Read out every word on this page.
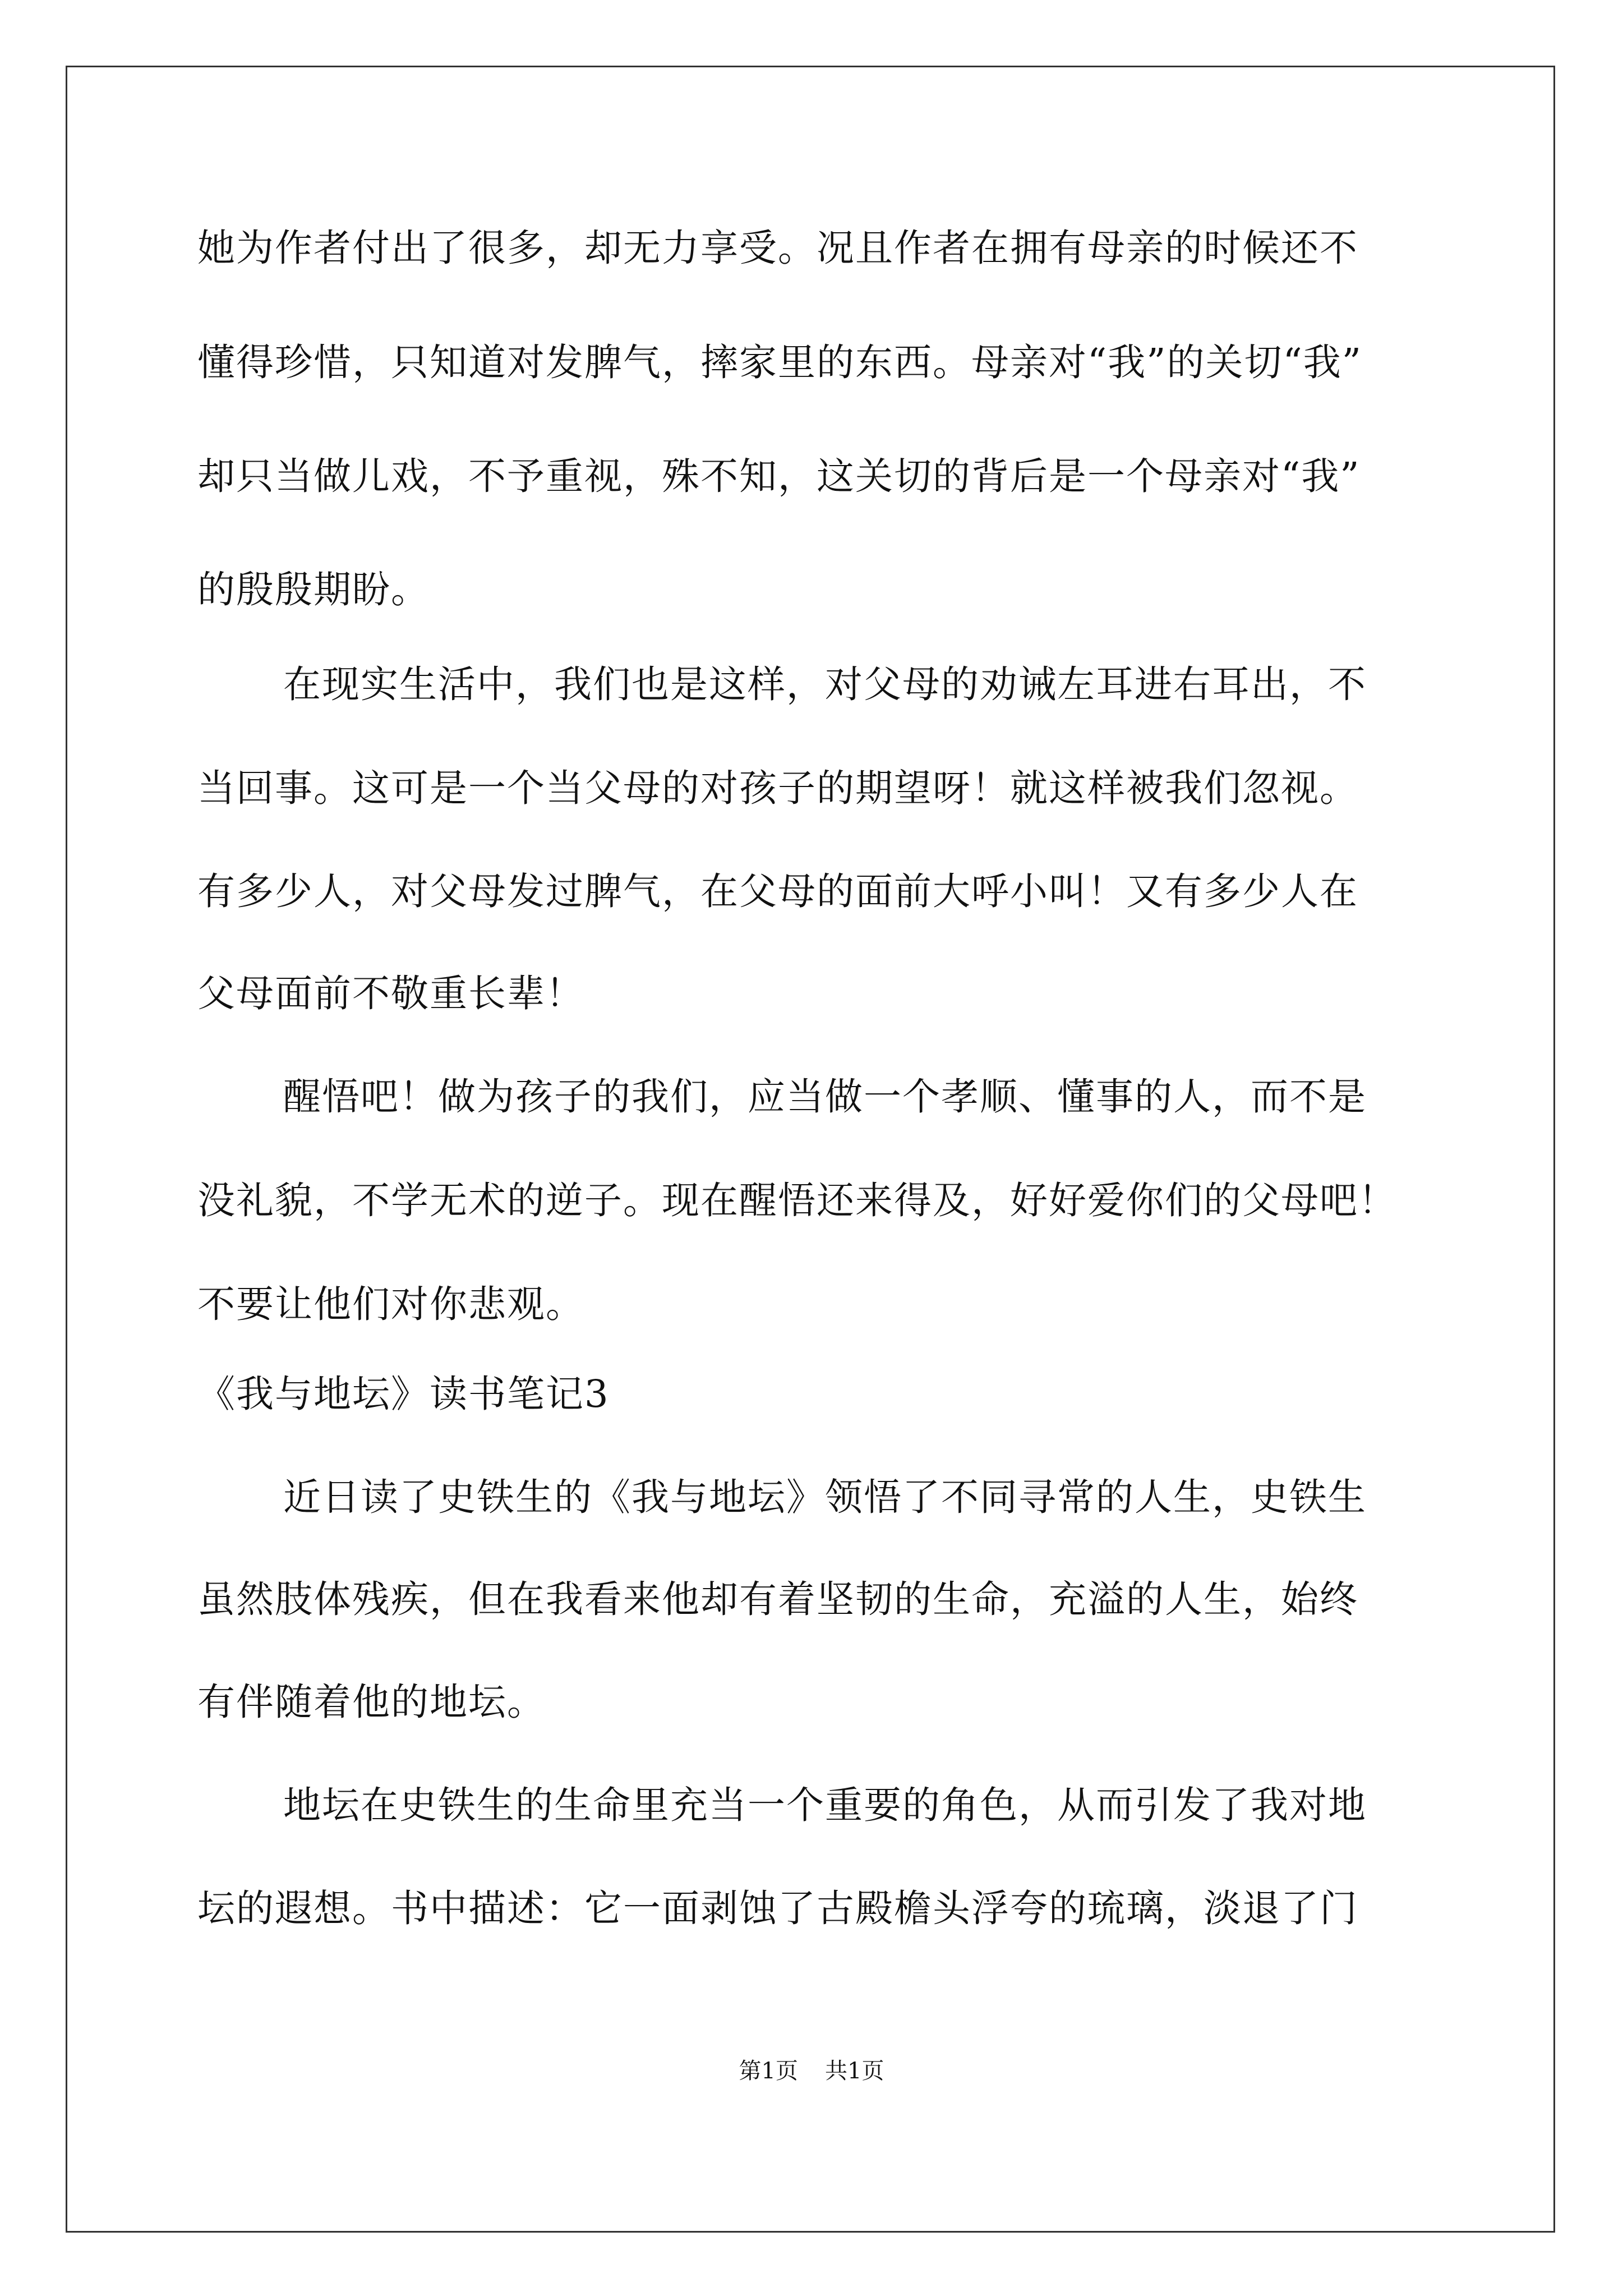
她为作者付出了很多，却无力享受。况且作者在拥有母亲的时候还不

懂得珍惜，只知道对发脾气，摔家里的东西。母亲对“我”的关切“我”

却只当做儿戏，不予重视，殊不知，这关切的背后是一个母亲对“我”

的殷殷期盼。

在现实生活中，我们也是这样，对父母的劝诫左耳进右耳出，不

当回事。这可是一个当父母的对孩子的期望呀！就这样被我们忽视。

有多少人，对父母发过脾气，在父母的面前大呼小叫！又有多少人在

父母面前不敬重长辈！

醒悟吧！做为孩子的我们，应当做一个孝顺、懂事的人，而不是

没礼貌，不学无术的逆子。现在醒悟还来得及，好好爱你们的父母吧！

不要让他们对你悲观。

《我与地坛》读书笔记3

近日读了史铁生的《我与地坛》领悟了不同寻常的人生，史铁生

虽然肢体残疾，但在我看来他却有着坚韧的生命，充溢的人生，始终

有伴随着他的地坛。

地坛在史铁生的生命里充当一个重要的角色，从而引发了我对地

坛的遐想。书中描述：它一面剥蚀了古殿檐头浮夸的琉璃，淡退了门

第1页 共1页
